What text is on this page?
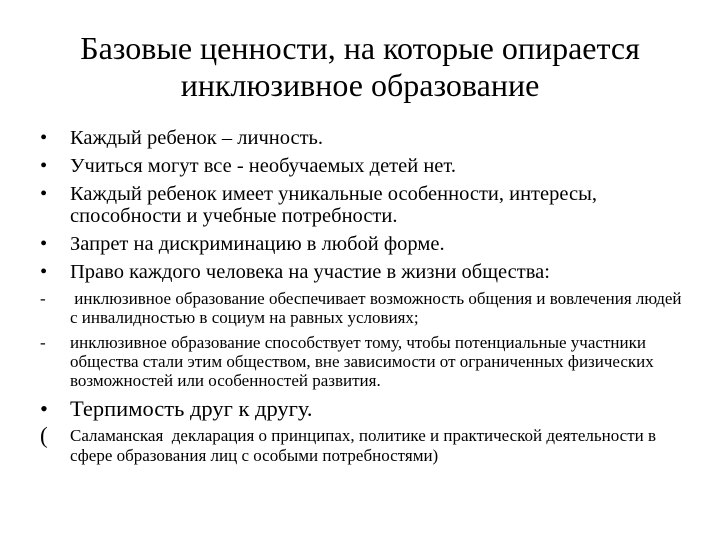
Базовые ценности, на которые опирается
инклюзивное образование
• Каждый ребенок – личность.
• Учиться могут все - необучаемых детей нет.
• Каждый ребенок имеет уникальные особенности, интересы, способности и учебные потребности.
• Запрет на дискриминацию в любой форме.
• Право каждого человека на участие в жизни общества:
- инклюзивное образование обеспечивает возможность общения и вовлечения людей с инвалидностью в социум на равных условиях;
- инклюзивное образование способствует тому, чтобы потенциальные участники общества стали этим обществом, вне зависимости от ограниченных физических возможностей или особенностей развития.
• Терпимость друг к другу.
( Саламанская  декларация о принципах, политике и практической деятельности в сфере образования лиц с особыми потребностями)
